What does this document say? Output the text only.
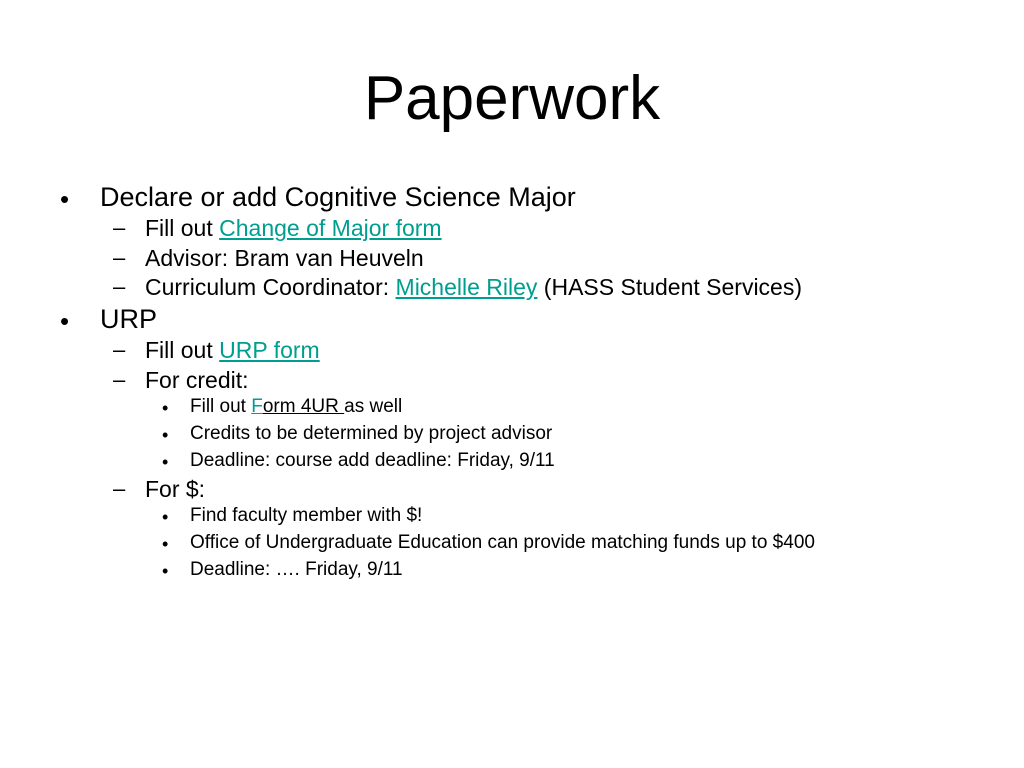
Paperwork
• Declare or add Cognitive Science Major
– Fill out Change of Major form
– Advisor: Bram van Heuveln
– Curriculum Coordinator: Michelle Riley (HASS Student Services)
• URP
– Fill out URP form
– For credit:
• Fill out Form 4UR as well
• Credits to be determined by project advisor
• Deadline: course add deadline: Friday, 9/11
– For $:
• Find faculty member with $!
• Office of Undergraduate Education can provide matching funds up to $400
• Deadline: …. Friday, 9/11
